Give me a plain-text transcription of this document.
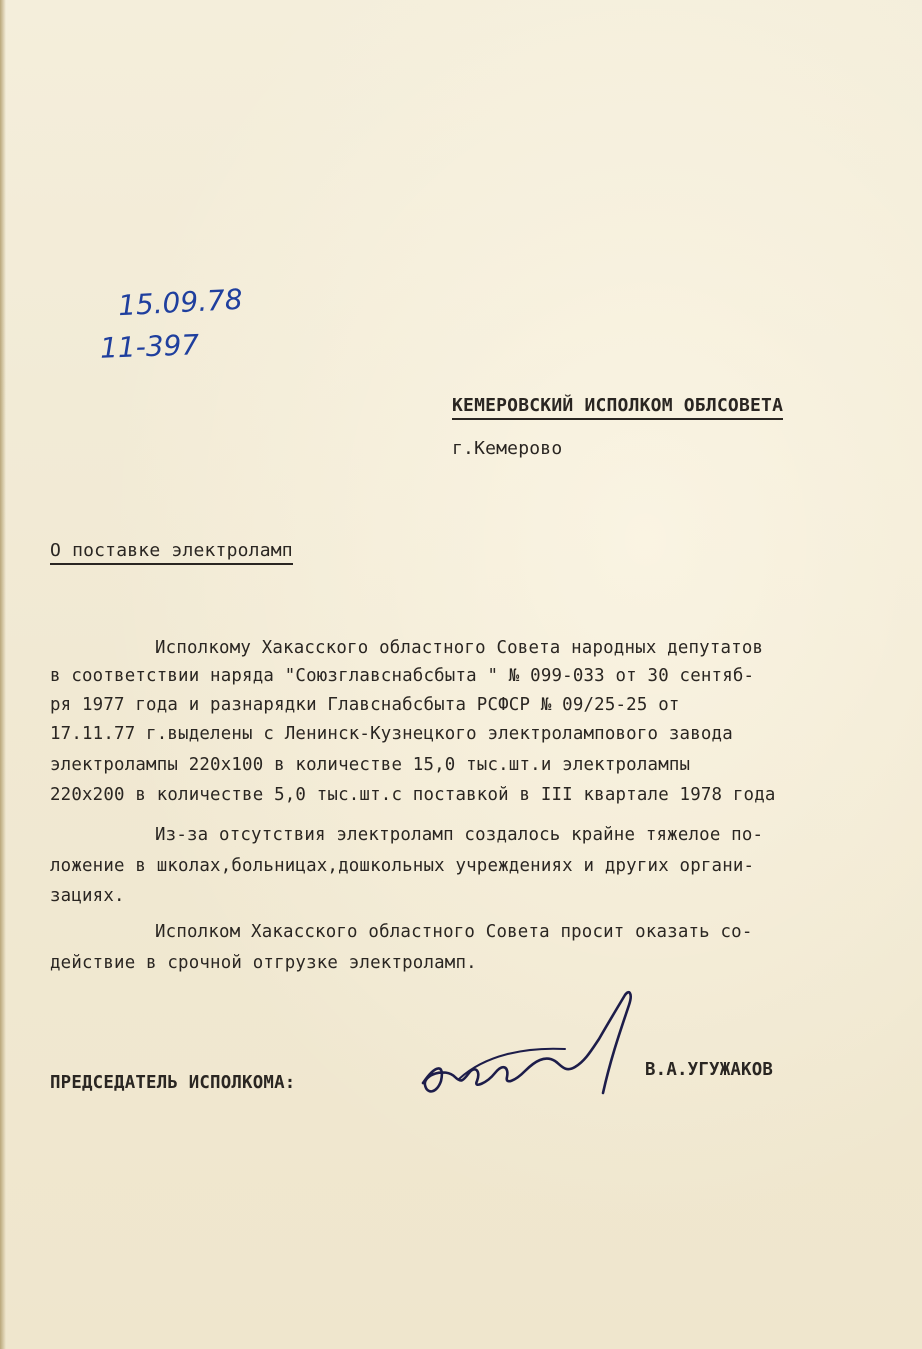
15.09.78
11-397
КЕМЕРОВСКИЙ ИСПОЛКОМ ОБЛСОВЕТА
г.Кемерово
О поставке электроламп
Исполкому Хакасского областного Совета народных депутатов
в соответствии наряда "Союзглавснабсбыта " № 099-033 от 30 сентяб-
ря 1977 года и разнарядки Главснабсбыта РСФСР № 09/25-25 от
17.11.77 г.выделены с Ленинск-Кузнецкого электролампового завода
электролампы 220х100 в количестве 15,0 тыс.шт.и электролампы
220х200 в количестве 5,0 тыс.шт.с поставкой в III квартале 1978 года
Из-за отсутствия электроламп создалось крайне тяжелое по-
ложение в школах,больницах,дошкольных учреждениях и других органи-
зациях.
Исполком Хакасского областного Совета просит оказать со-
действие в срочной отгрузке электроламп.
ПРЕДСЕДАТЕЛЬ ИСПОЛКОМА:
В.А.УГУЖАКОВ
